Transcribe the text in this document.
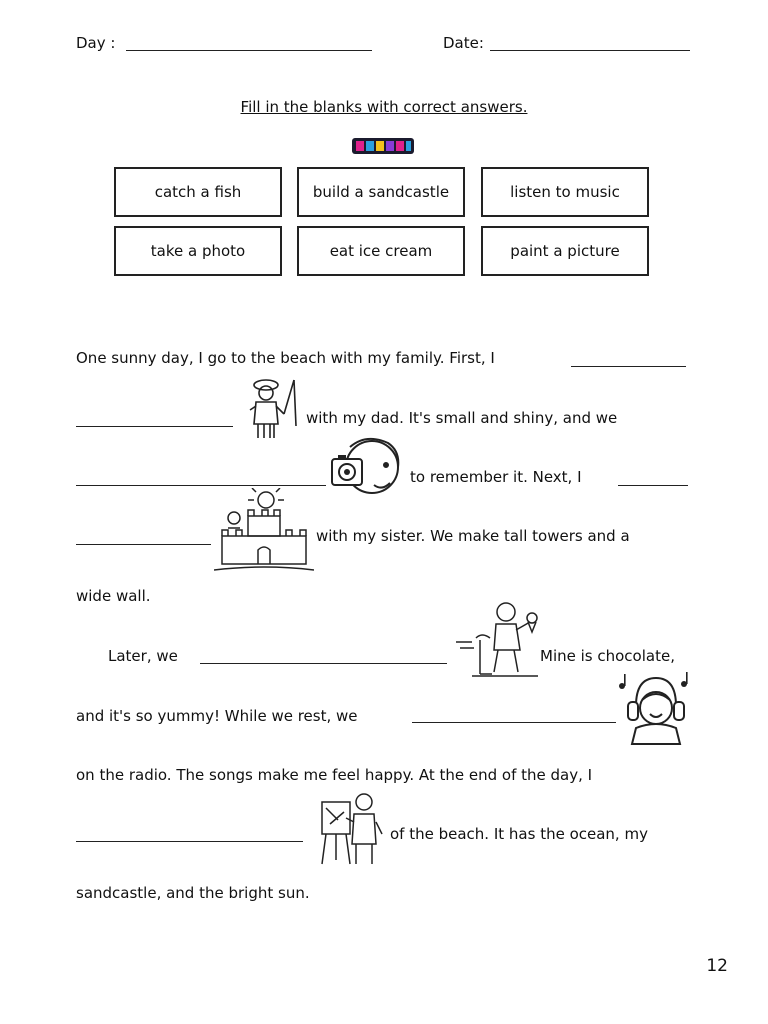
Day :	Date:
Fill in the blanks with correct answers.
catch a fish	build a sandcastle	listen to music
take a photo	eat ice cream	paint a picture
One sunny day, I go to the beach with my family. First, I
with my dad. It's small and shiny, and we
to remember it. Next, I
with my sister. We make tall towers and a
wide wall.
Later, we	Mine is chocolate,
and it's so yummy! While we rest, we
on the radio. The songs make me feel happy. At the end of the day, I
of the beach. It has the ocean, my
sandcastle, and the bright sun.
12
